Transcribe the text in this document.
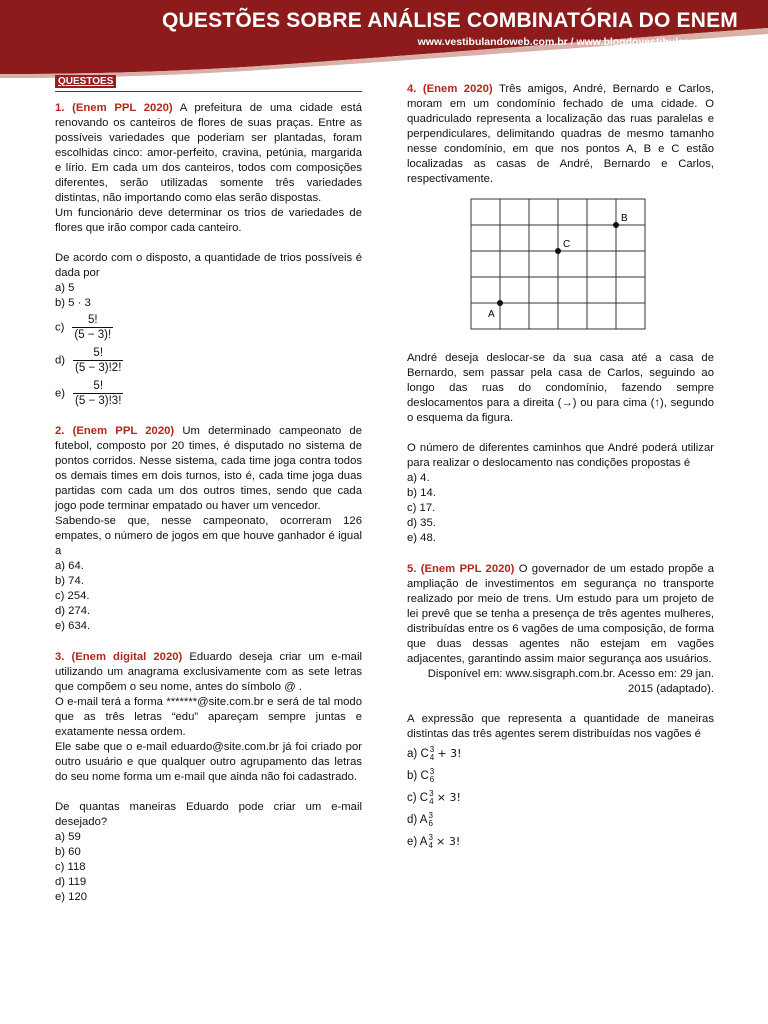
QUESTÕES SOBRE ANÁLISE COMBINATÓRIA DO ENEM
www.vestibulandoweb.com.br / www.blogdovestibular.com
QUESTOES

1. (Enem PPL 2020) A prefeitura de uma cidade está renovando os canteiros de flores de suas praças. Entre as possíveis variedades que poderiam ser plantadas, foram escolhidas cinco: amor-perfeito, cravina, petúnia, margarida e lírio. Em cada um dos canteiros, todos com composições diferentes, serão utilizadas somente três variedades distintas, não importando como elas serão dispostas.

Um funcionário deve determinar os trios de variedades de flores que irão compor cada canteiro.

De acordo com o disposto, a quantidade de trios possíveis é dada por

a) 5

b) 5 · 3

$c) \frac{5!}{(5 - 3)!}$

$d) \frac{5!}{(5 - 3)!2!}$

$e) \frac{5!}{(5 - 3)!3!}$

2. (Enem PPL 2020) Um determinado campeonato de futebol, composto por 20 times, é disputado no sistema de pontos corridos. Nesse sistema, cada time joga contra todos os demais times em dois turnos, isto é, cada time joga duas partidas com cada um dos outros times, sendo que cada jogo pode terminar empatado ou haver um vencedor.

Sabendo-se que, nesse campeonato, ocorreram 126 empates, o número de jogos em que houve ganhador é igual a

a) 64.

b) 74.

c) 254.

d) 274.

e) 634.

3. (Enem digital 2020) Eduardo deseja criar um e-mail utilizando um anagrama exclusivamente com as sete letras que compõem o seu nome, antes do símbolo @ .

O e-mail terá a forma *******@site.com.br e será de tal modo que as três letras “edu” apareçam sempre juntas e exatamente nessa ordem.

Ele sabe que o e-mail eduardo@site.com.br já foi criado por outro usuário e que qualquer outro agrupamento das letras do seu nome forma um e-mail que ainda não foi cadastrado.

De quantas maneiras Eduardo pode criar um e-mail desejado?

a) 59

b) 60

c) 118

d) 119

e) 120

4. (Enem 2020) Três amigos, André, Bernardo e Carlos, moram em um condomínio fechado de uma cidade. O quadriculado representa a localização das ruas paralelas e perpendiculares, delimitando quadras de mesmo tamanho nesse condomínio, em que nos pontos A, B e C estão localizadas as casas de André, Bernardo e Carlos, respectivamente.

A
C
B

André deseja deslocar-se da sua casa até a casa de Bernardo, sem passar pela casa de Carlos, seguindo ao longo das ruas do condomínio, fazendo sempre deslocamentos para a direita (→) ou para cima (↑), segundo o esquema da figura.

O número de diferentes caminhos que André poderá utilizar para realizar o deslocamento nas condições propostas é

a) 4.

b) 14.

c) 17.

d) 35.

e) 48.

5. (Enem PPL 2020) O governador de um estado propõe a ampliação de investimentos em segurança no transporte realizado por meio de trens. Um estudo para um projeto de lei prevê que se tenha a presença de três agentes mulheres, distribuídas entre os 6 vagões de uma composição, de forma que duas dessas agentes não estejam em vagões adjacentes, garantindo assim maior segurança aos usuários.

Disponível em: www.sisgraph.com.br. Acesso em: 29 jan. 2015 (adaptado).

A expressão que representa a quantidade de maneiras distintas das três agentes serem distribuídas nos vagões é

a) C 3
4 + 3!

b) C 3
6

c) C 3
4 × 3!

d) A 3
6

e) A 3
4 × 3!
